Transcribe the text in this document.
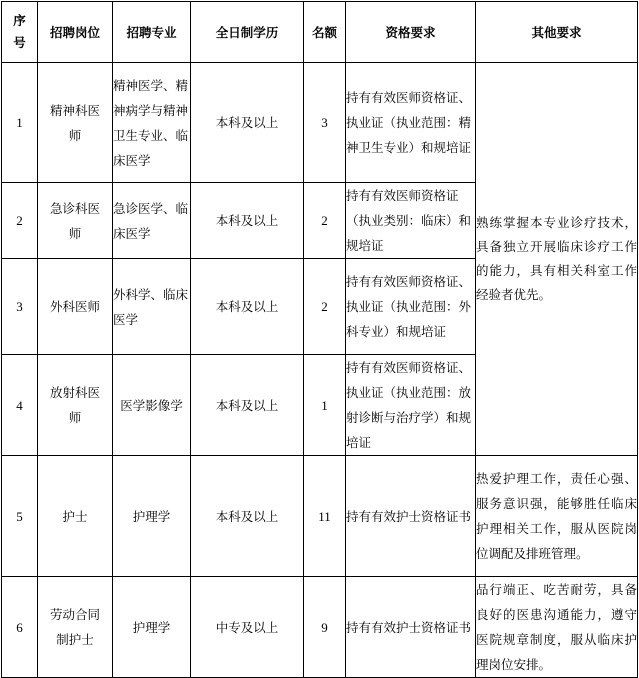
序号	招聘岗位	招聘专业	全日制学历	名额	资格要求	其他要求
1	精神科医师	精神医学、精神病学与精神卫生专业、临床医学	本科及以上	3	持有有效医师资格证、执业证（执业范围：精神卫生专业）和规培证	熟练掌握本专业诊疗技术，具备独立开展临床诊疗工作的能力，具有相关科室工作经验者优先。
2	急诊科医师	急诊医学、临床医学	本科及以上	2	持有有效医师资格证（执业类别：临床）和规培证	
3	外科医师	外科学、临床医学	本科及以上	2	持有有效医师资格证、执业证（执业范围：外科专业）和规培证	
4	放射科医师	医学影像学	本科及以上	1	持有有效医师资格证、执业证（执业范围：放射诊断与治疗学）和规培证	
5	护士	护理学	本科及以上	11	持有有效护士资格证书	热爱护理工作，责任心强、服务意识强，能够胜任临床护理相关工作，服从医院岗位调配及排班管理。
6	劳动合同制护士	护理学	中专及以上	9	持有有效护士资格证书	品行端正、吃苦耐劳，具备良好的医患沟通能力，遵守医院规章制度，服从临床护理岗位安排。
